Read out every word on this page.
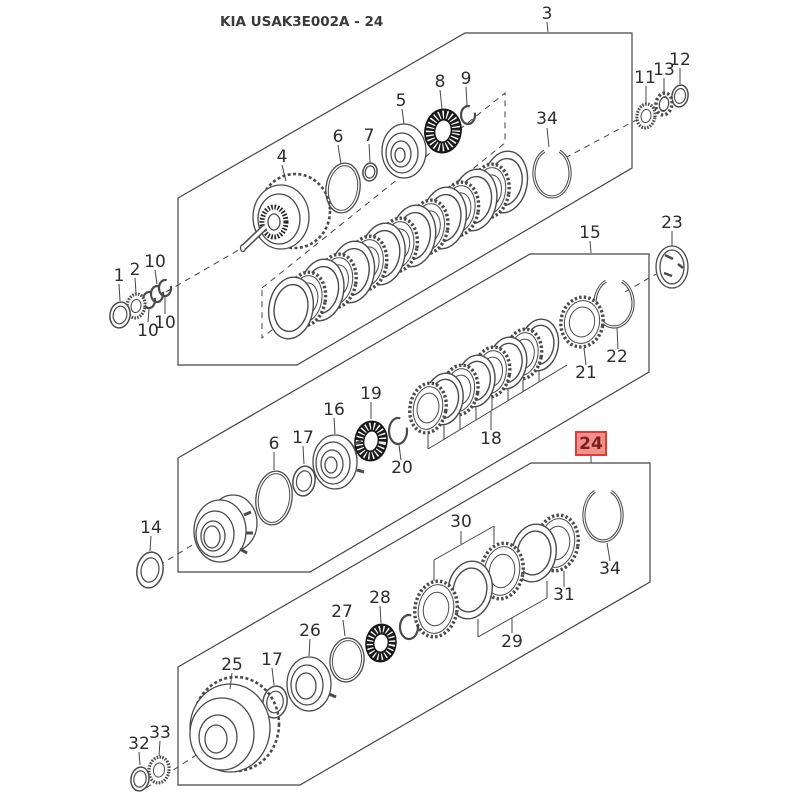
KIA USAK3E002A - 24
1 2 10
10
10
4
6 7
5
8 9
34
3
11
13
12
15
14
6 17
16
19
20
18
21
22
23
24
25
32
33
17
26
27
28
30
29
31
34
